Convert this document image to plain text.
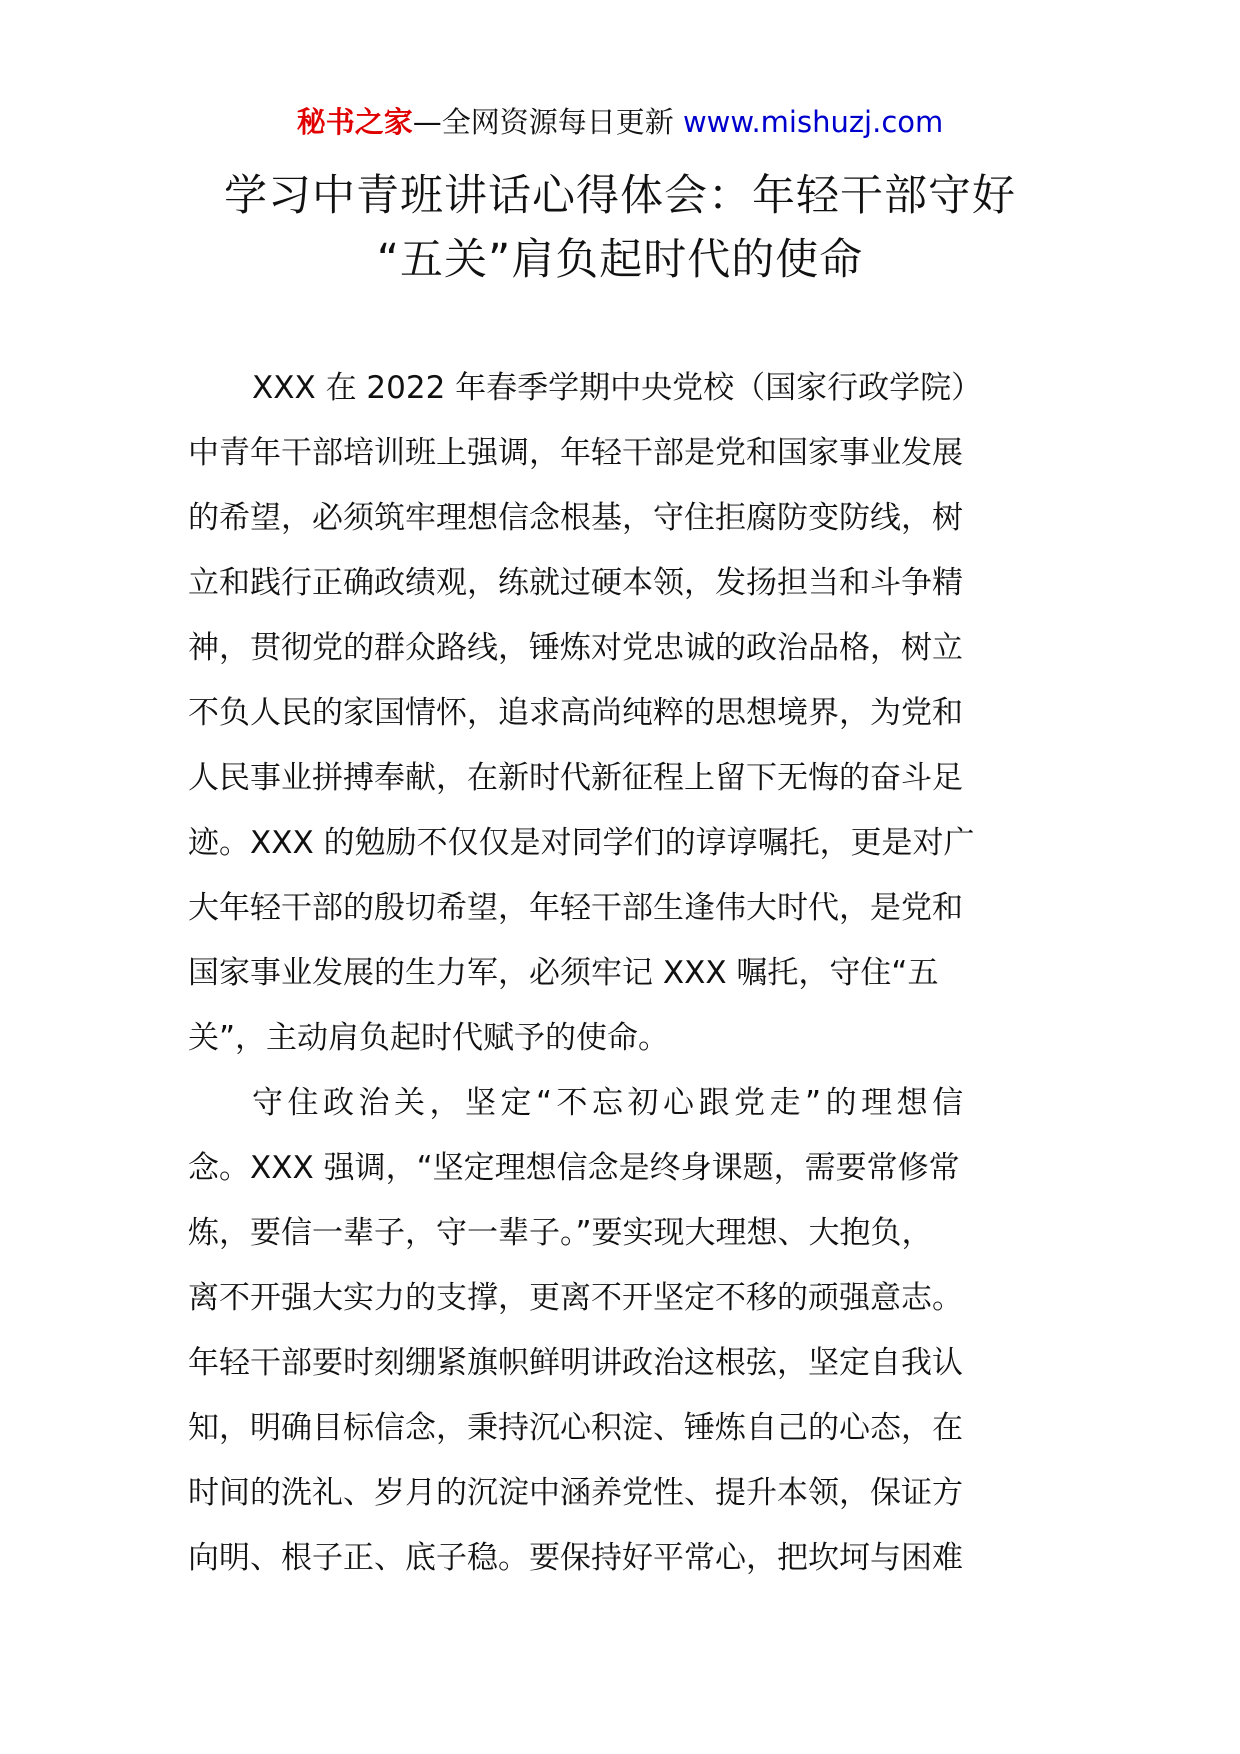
秘书之家—全网资源每日更新 www.mishuzj.com
学习中青班讲话心得体会：年轻干部守好
“五关”肩负起时代的使命

XXX 在 2022 年春季学期中央党校（国家行政学院）
中青年干部培训班上强调，年轻干部是党和国家事业发展
的希望，必须筑牢理想信念根基，守住拒腐防变防线，树
立和践行正确政绩观，练就过硬本领，发扬担当和斗争精
神，贯彻党的群众路线，锤炼对党忠诚的政治品格，树立
不负人民的家国情怀，追求高尚纯粹的思想境界，为党和
人民事业拼搏奉献，在新时代新征程上留下无悔的奋斗足
迹。XXX 的勉励不仅仅是对同学们的谆谆嘱托，更是对广
大年轻干部的殷切希望，年轻干部生逢伟大时代，是党和
国家事业发展的生力军，必须牢记 XXX 嘱托，守住“五
关”，主动肩负起时代赋予的使命。

守住政治关，坚定“不忘初心跟党走”的理想信
念。XXX 强调，“坚定理想信念是终身课题，需要常修常
炼，要信一辈子，守一辈子。”要实现大理想、大抱负，
离不开强大实力的支撑，更离不开坚定不移的顽强意志。
年轻干部要时刻绷紧旗帜鲜明讲政治这根弦，坚定自我认
知，明确目标信念，秉持沉心积淀、锤炼自己的心态，在
时间的洗礼、岁月的沉淀中涵养党性、提升本领，保证方
向明、根子正、底子稳。要保持好平常心，把坎坷与困难
